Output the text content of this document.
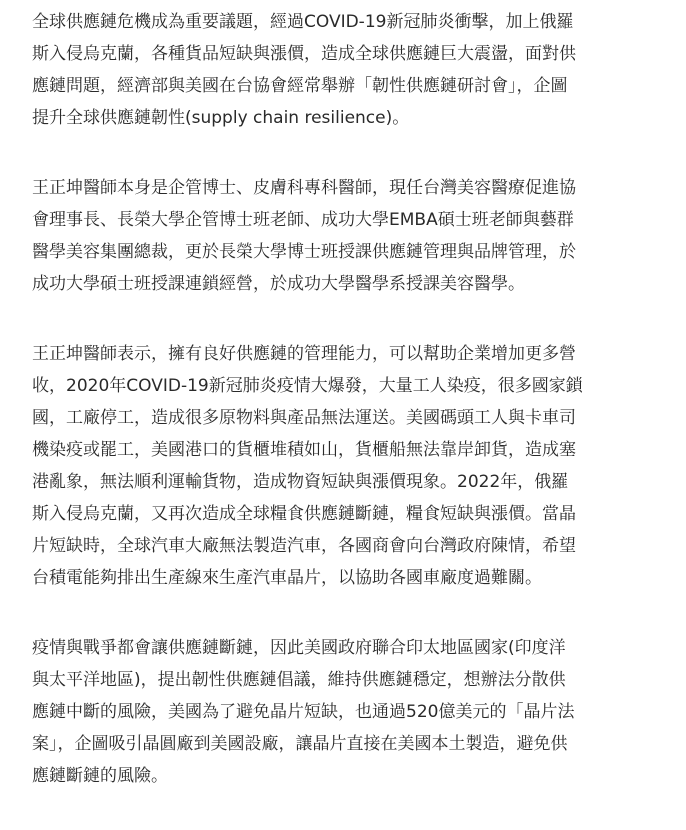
全球供應鏈危機成為重要議題，經過COVID-19新冠肺炎衝擊，加上俄羅
斯入侵烏克蘭，各種貨品短缺與漲價，造成全球供應鏈巨大震盪，面對供
應鏈問題，經濟部與美國在台協會經常舉辦「韌性供應鏈研討會」，企圖
提升全球供應鏈韌性(supply chain resilience)。

王正坤醫師本身是企管博士、皮膚科專科醫師，現任台灣美容醫療促進協
會理事長、長榮大學企管博士班老師、成功大學EMBA碩士班老師與藝群
醫學美容集團總裁，更於長榮大學博士班授課供應鏈管理與品牌管理，於
成功大學碩士班授課連鎖經營，於成功大學醫學系授課美容醫學。

王正坤醫師表示，擁有良好供應鏈的管理能力，可以幫助企業增加更多營
收，2020年COVID-19新冠肺炎疫情大爆發，大量工人染疫，很多國家鎖
國，工廠停工，造成很多原物料與產品無法運送。美國碼頭工人與卡車司
機染疫或罷工，美國港口的貨櫃堆積如山，貨櫃船無法靠岸卸貨，造成塞
港亂象，無法順利運輸貨物，造成物資短缺與漲價現象。2022年，俄羅
斯入侵烏克蘭，又再次造成全球糧食供應鏈斷鏈，糧食短缺與漲價。當晶
片短缺時，全球汽車大廠無法製造汽車，各國商會向台灣政府陳情，希望
台積電能夠排出生產線來生產汽車晶片，以協助各國車廠度過難關。

疫情與戰爭都會讓供應鏈斷鏈，因此美國政府聯合印太地區國家(印度洋
與太平洋地區)，提出韌性供應鏈倡議，維持供應鏈穩定，想辦法分散供
應鏈中斷的風險，美國為了避免晶片短缺，也通過520億美元的「晶片法
案」，企圖吸引晶圓廠到美國設廠，讓晶片直接在美國本土製造，避免供
應鏈斷鏈的風險。
